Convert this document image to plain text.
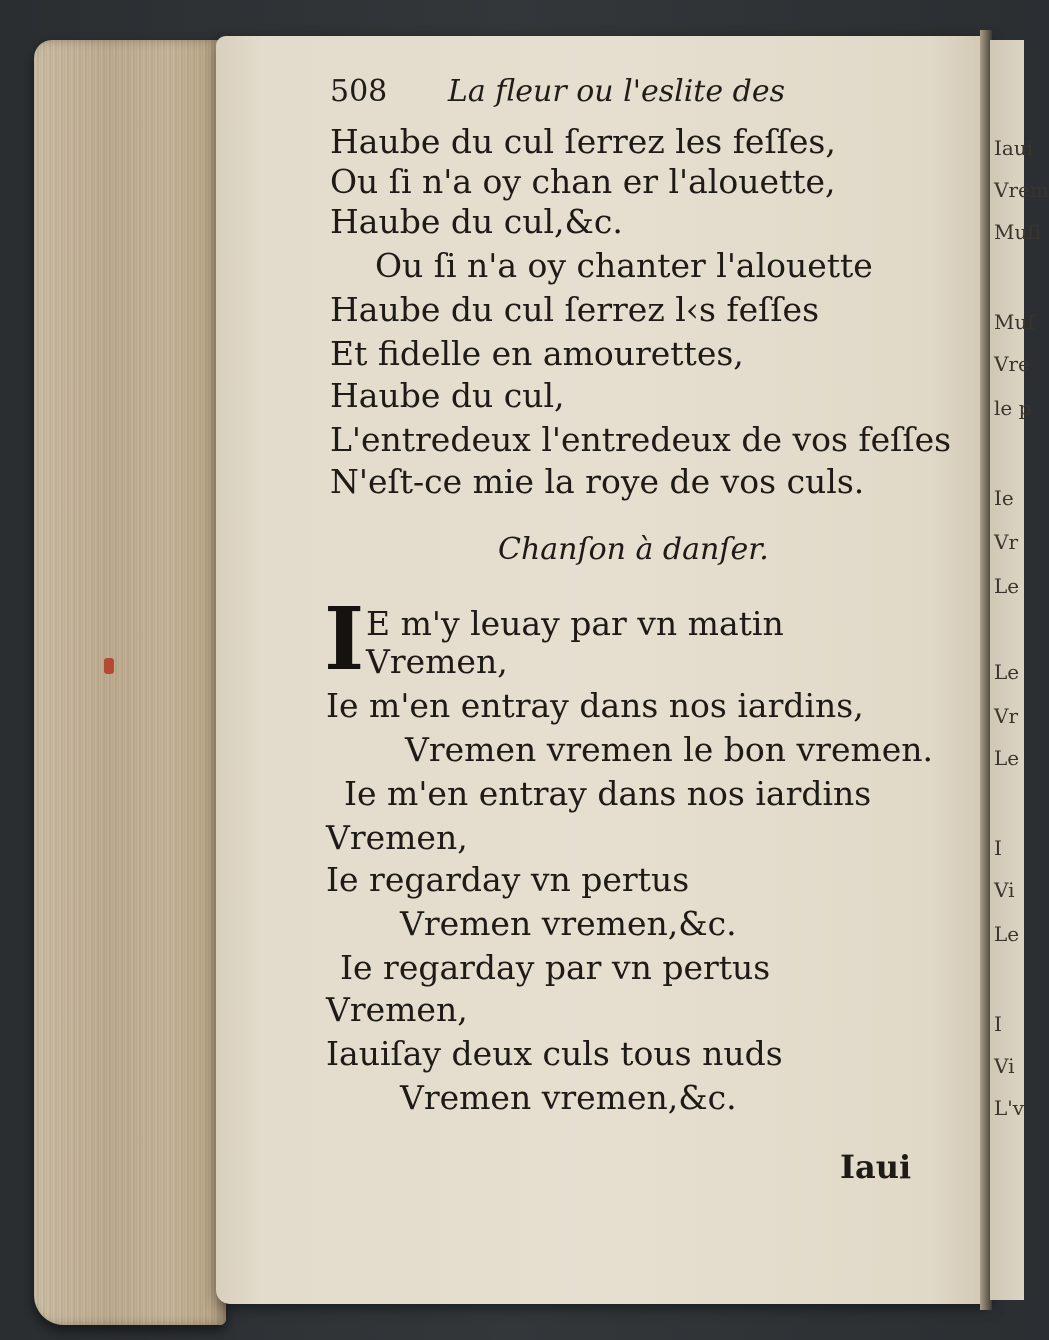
Iaui
Vrem
Muſi
Muſ
Vre
le p
Ie
Vr
Le
Le
Vr
Le
I
Vi
Le
I
Vi
L'v
508 La fleur ou l'eslite des
Haube du cul ſerrez les feſſes,
Ou ſi n'a oy chan er l'alouette,
Haube du cul,&c.
Ou ſi n'a oy chanter l'alouette
Haube du cul ſerrez l‹s feſſes
Et fidelle en amourettes,
Haube du cul,
L'entredeux l'entredeux de vos feſſes
N'eſt-ce mie la roye de vos culs.
Chanſon à danſer.
I E m'y leuay par vn matin
Vremen,
Ie m'en entray dans nos iardins,
Vremen vremen le bon vremen.
Ie m'en entray dans nos iardins
Vremen,
Ie regarday vn pertus
Vremen vremen,&c.
Ie regarday par vn pertus
Vremen,
Iauiſay deux culs tous nuds
Vremen vremen,&c.
Iaui
